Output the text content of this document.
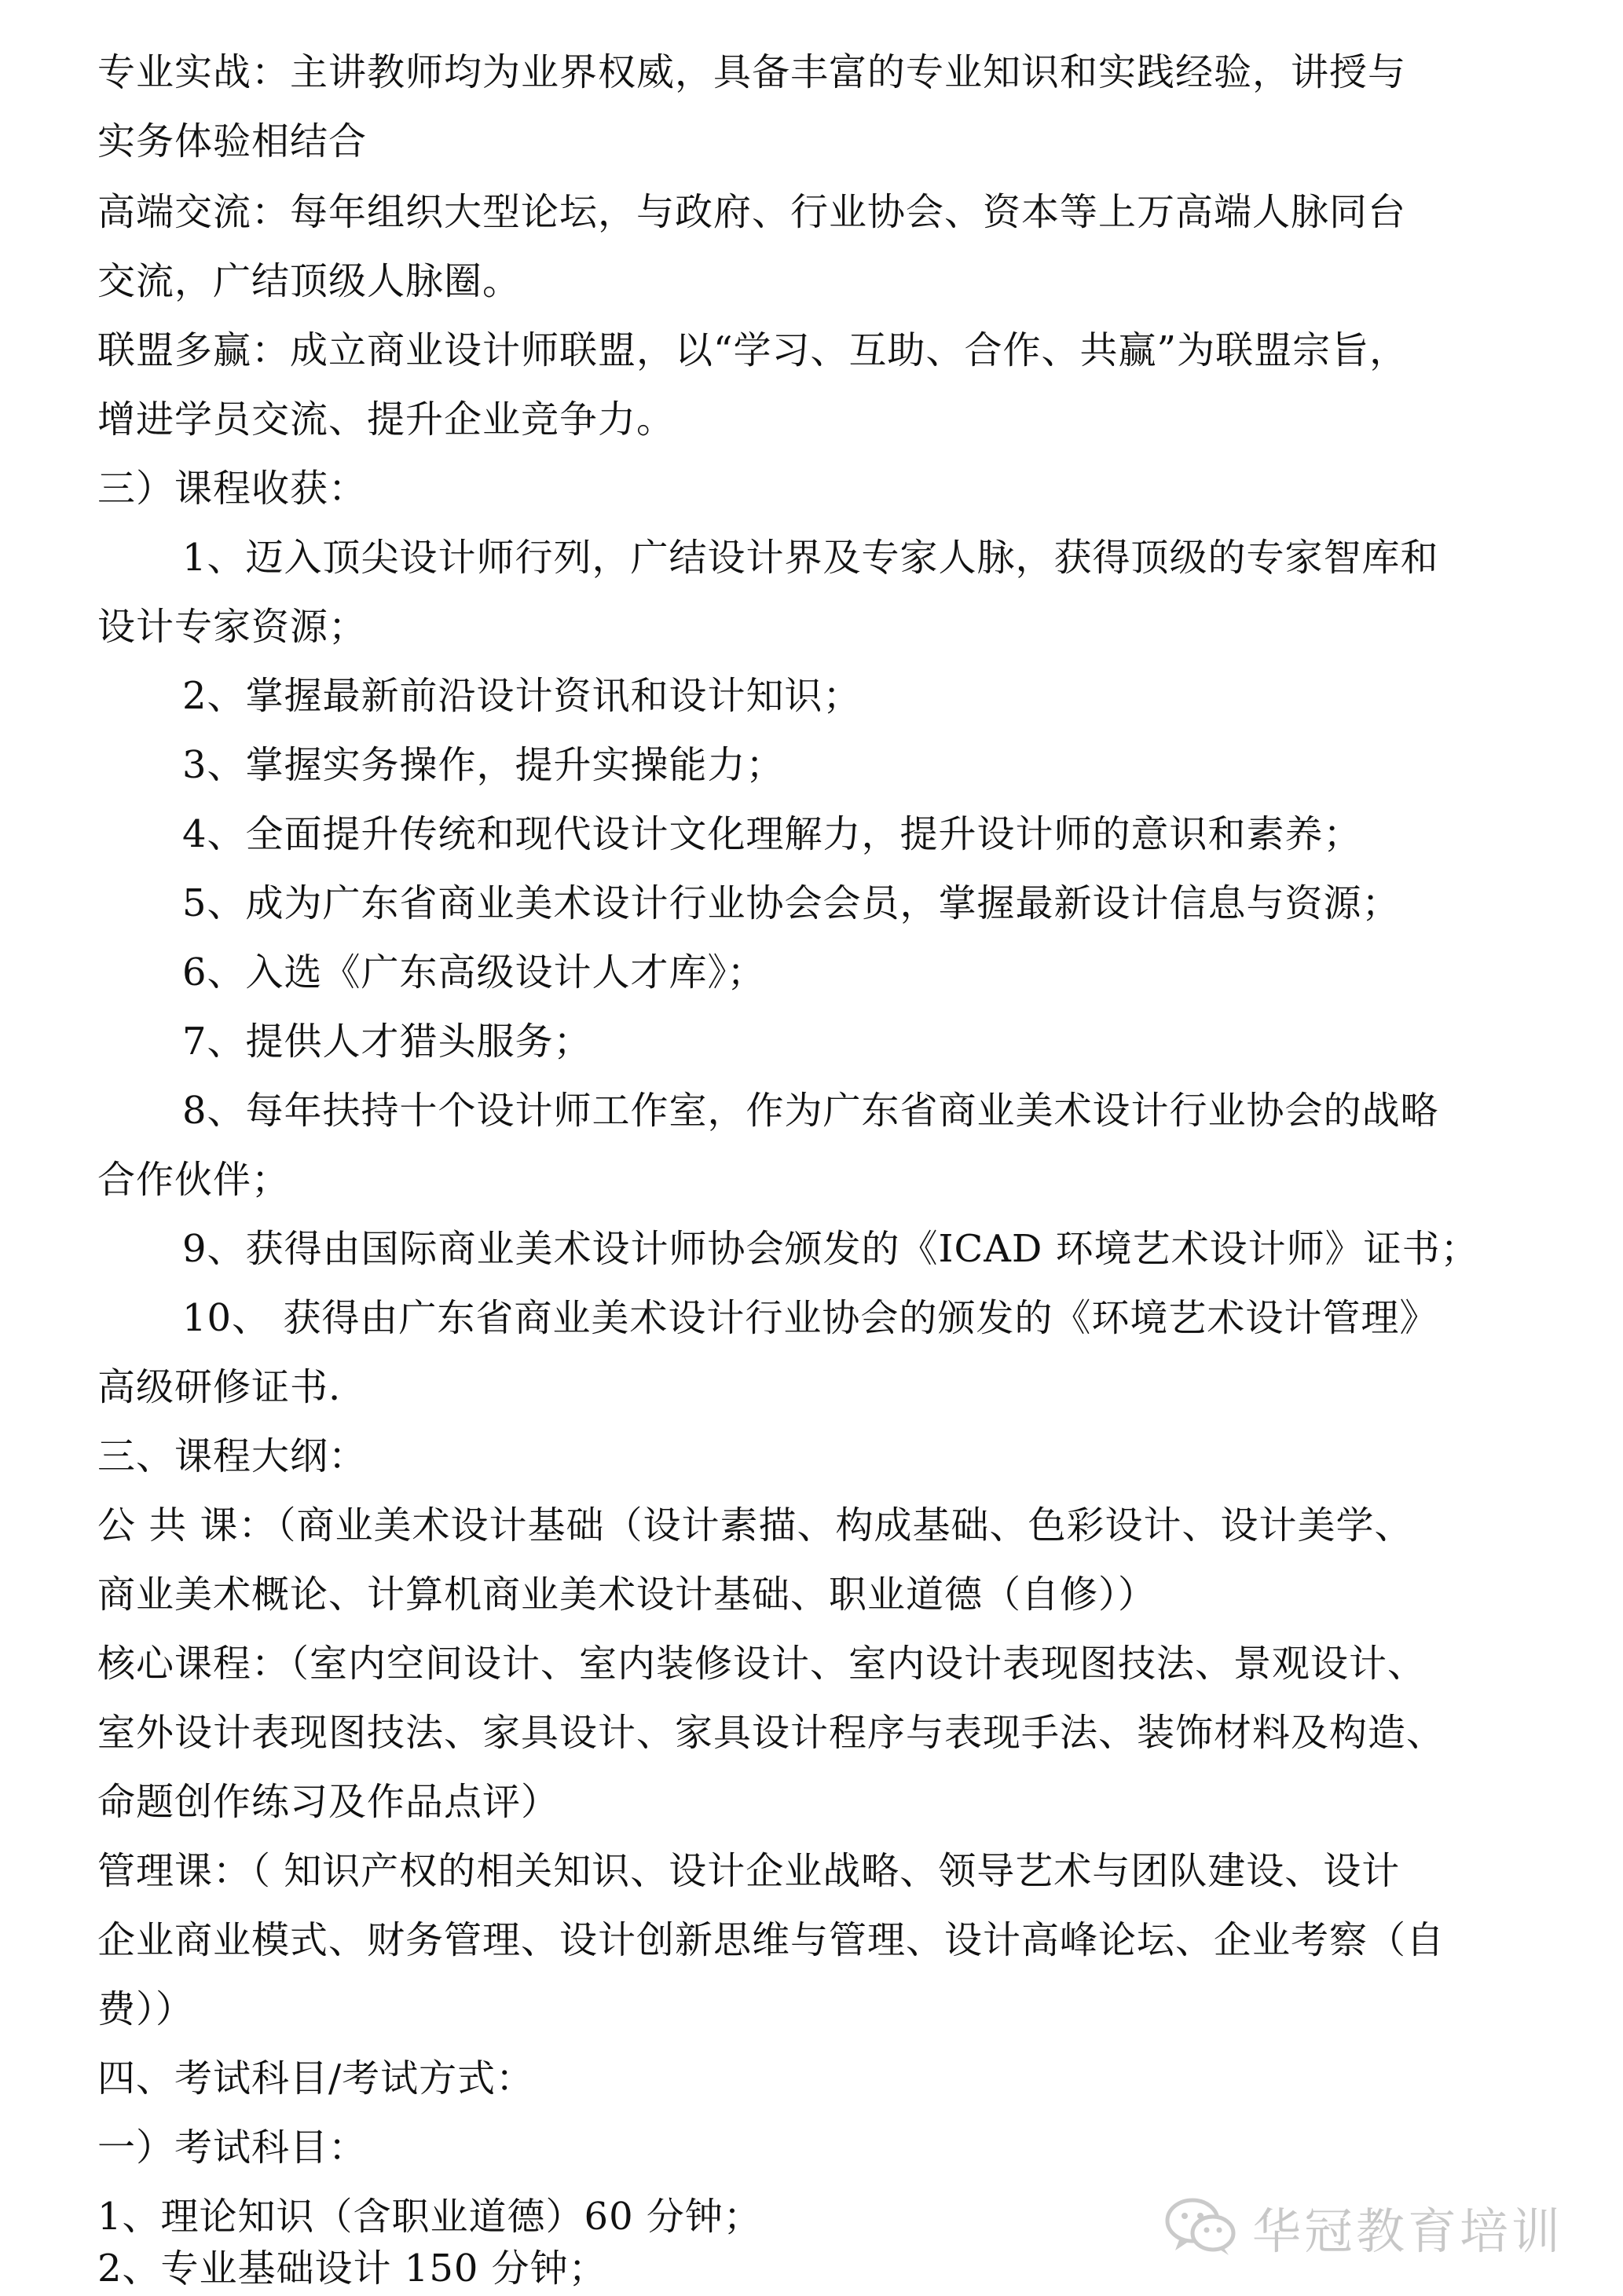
专业实战：主讲教师均为业界权威，具备丰富的专业知识和实践经验，讲授与
实务体验相结合
高端交流：每年组织大型论坛，与政府、行业协会、资本等上万高端人脉同台
交流，广结顶级人脉圈。
联盟多赢：成立商业设计师联盟，以“学习、互助、合作、共赢”为联盟宗旨，
增进学员交流、提升企业竞争力。
三）课程收获：
1、迈入顶尖设计师行列，广结设计界及专家人脉，获得顶级的专家智库和
设计专家资源；
2、掌握最新前沿设计资讯和设计知识；
3、掌握实务操作，提升实操能力；
4、全面提升传统和现代设计文化理解力，提升设计师的意识和素养；
5、成为广东省商业美术设计行业协会会员，掌握最新设计信息与资源；
6、入选《广东高级设计人才库》；
7、提供人才猎头服务；
8、每年扶持十个设计师工作室，作为广东省商业美术设计行业协会的战略
合作伙伴；
9、获得由国际商业美术设计师协会颁发的《ICAD 环境艺术设计师》证书；
10、 获得由广东省商业美术设计行业协会的颁发的《环境艺术设计管理》
高级研修证书.
三、课程大纲：
公 共 课：（商业美术设计基础（设计素描、构成基础、色彩设计、设计美学、
商业美术概论、计算机商业美术设计基础、职业道德（自修））
核心课程：（室内空间设计、室内装修设计、室内设计表现图技法、景观设计、
室外设计表现图技法、家具设计、家具设计程序与表现手法、装饰材料及构造、
命题创作练习及作品点评）
管理课：（ 知识产权的相关知识、设计企业战略、领导艺术与团队建设、设计
企业商业模式、财务管理、设计创新思维与管理、设计高峰论坛、企业考察（自
费））
四、考试科目/考试方式：
一）考试科目：
1、理论知识（含职业道德）60 分钟；
2、专业基础设计 150 分钟；
华冠教育培训
